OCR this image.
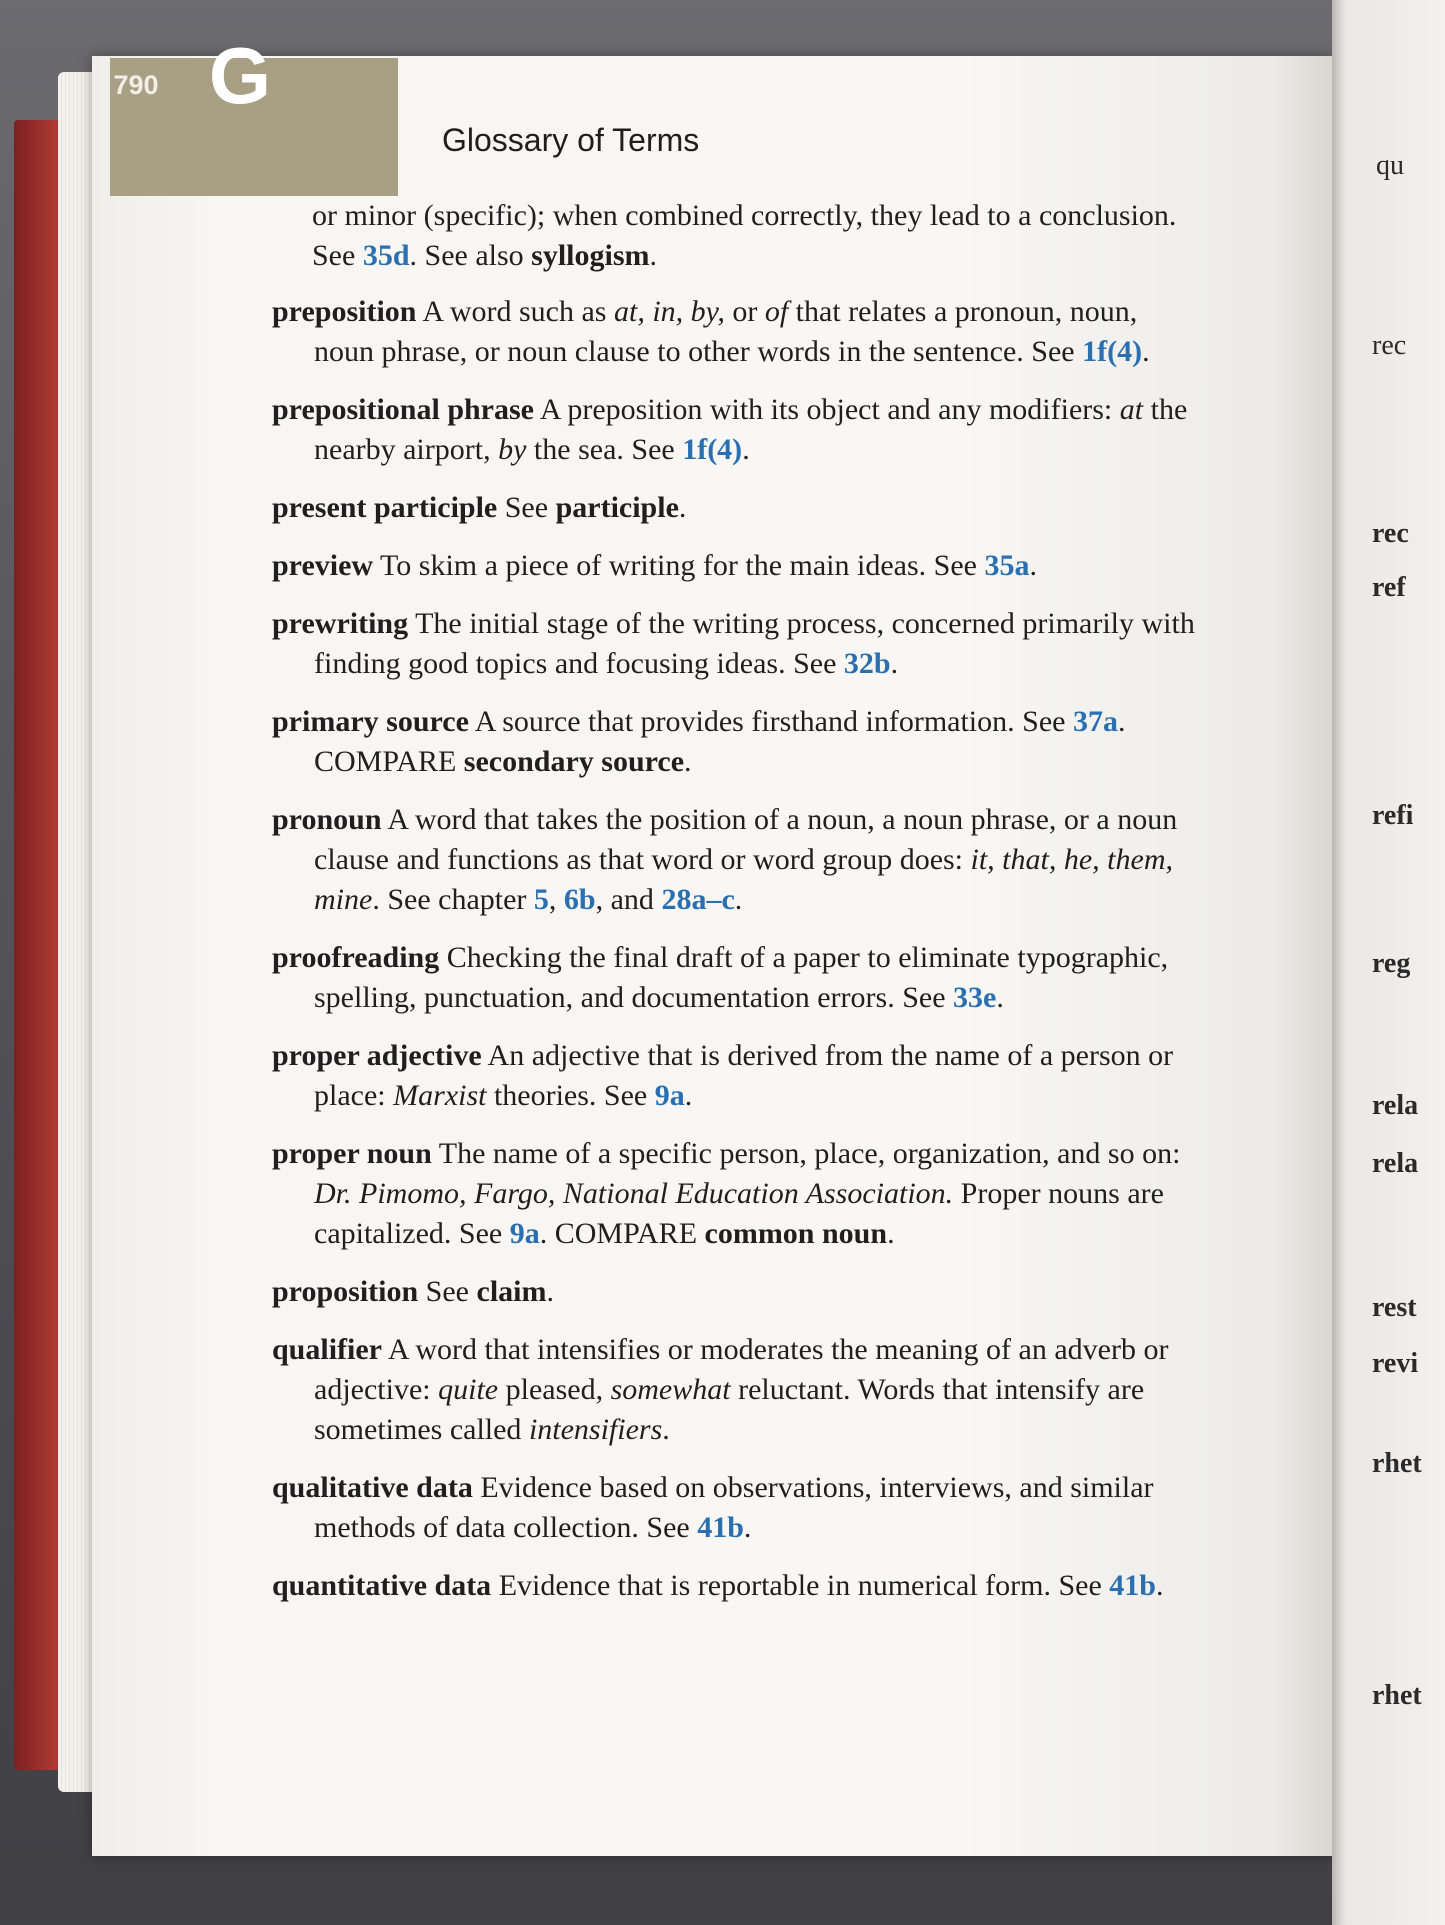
qu
rec
rec
ref
refi
reg
rela
rela
rest
revi
rhet
rhet
790 G
Glossary of Terms

or minor (specific); when combined correctly, they lead to a conclusion. See 35d. See also syllogism.

preposition A word such as at, in, by, or of that relates a pronoun, noun, noun phrase, or noun clause to other words in the sentence. See 1f(4).

prepositional phrase A preposition with its object and any modifiers: at the nearby airport, by the sea. See 1f(4).

present participle See participle.

preview To skim a piece of writing for the main ideas. See 35a.

prewriting The initial stage of the writing process, concerned primarily with finding good topics and focusing ideas. See 32b.

primary source A source that provides firsthand information. See 37a. COMPARE secondary source.

pronoun A word that takes the position of a noun, a noun phrase, or a noun clause and functions as that word or word group does: it, that, he, them, mine. See chapter 5, 6b, and 28a–c.

proofreading Checking the final draft of a paper to eliminate typographic, spelling, punctuation, and documentation errors. See 33e.

proper adjective An adjective that is derived from the name of a person or place: Marxist theories. See 9a.

proper noun The name of a specific person, place, organization, and so on: Dr. Pimomo, Fargo, National Education Association. Proper nouns are capitalized. See 9a. COMPARE common noun.

proposition See claim.

qualifier A word that intensifies or moderates the meaning of an adverb or adjective: quite pleased, somewhat reluctant. Words that intensify are sometimes called intensifiers.

qualitative data Evidence based on observations, interviews, and similar methods of data collection. See 41b.

quantitative data Evidence that is reportable in numerical form. See 41b.
